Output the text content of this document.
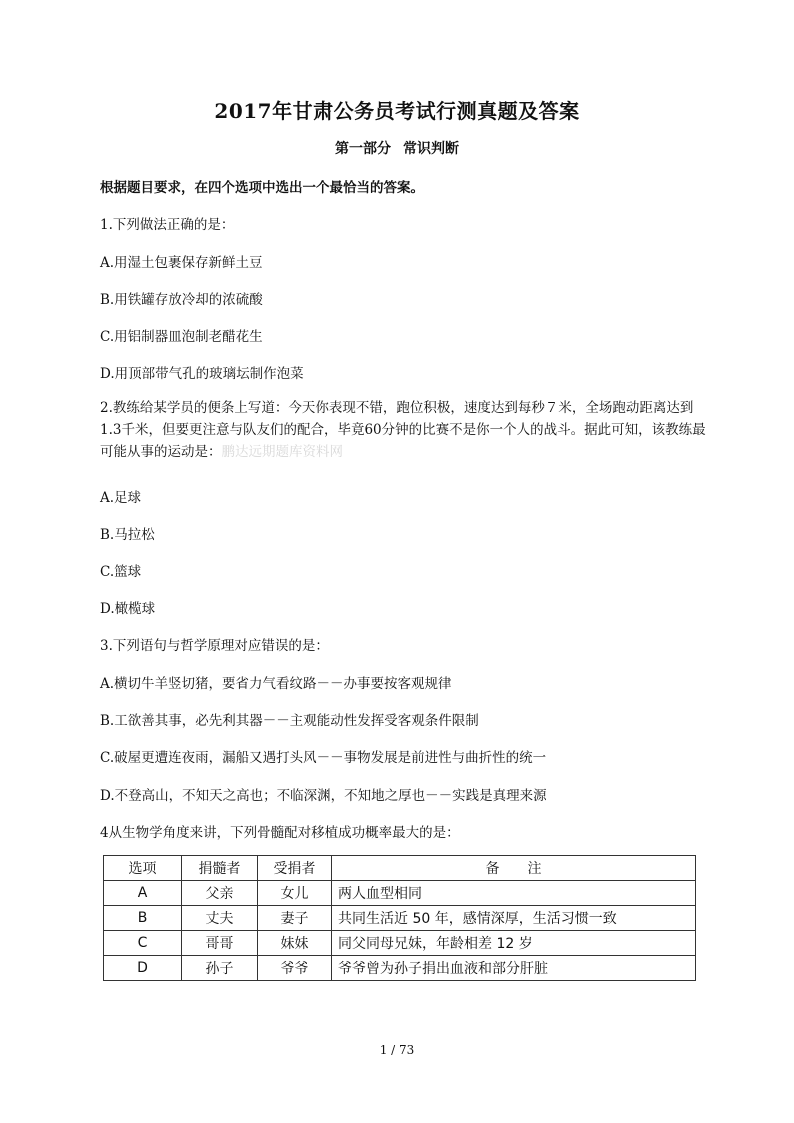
2017年甘肃公务员考试行测真题及答案
第一部分 常识判断
根据题目要求，在四个选项中选出一个最恰当的答案。
1.下列做法正确的是：
A.用湿土包裹保存新鲜土豆
B.用铁罐存放冷却的浓硫酸
C.用铝制器皿泡制老醋花生
D.用顶部带气孔的玻璃坛制作泡菜
2.教练给某学员的便条上写道：今天你表现不错，跑位积极，速度达到每秒７米，全场跑动距离达到1.3千米，但要更注意与队友们的配合，毕竟60分钟的比赛不是你一个人的战斗。据此可知，该教练最可能从事的运动是：鹏达远期题库资料网
A.足球
B.马拉松
C.篮球
D.橄榄球
3.下列语句与哲学原理对应错误的是：
A.横切牛羊竖切猪，要省力气看纹路－－办事要按客观规律
B.工欲善其事，必先利其器－－主观能动性发挥受客观条件限制
C.破屋更遭连夜雨，漏船又遇打头风－－事物发展是前进性与曲折性的统一
D.不登高山，不知天之高也；不临深渊，不知地之厚也－－实践是真理来源
4从生物学角度来讲，下列骨髓配对移植成功概率最大的是：
选项	捐髓者	受捐者	备　　注
A	父亲	女儿	两人血型相同
B	丈夫	妻子	共同生活近 50 年，感情深厚，生活习惯一致
C	哥哥	妹妹	同父同母兄妹，年龄相差 12 岁
D	孙子	爷爷	爷爷曾为孙子捐出血液和部分肝脏
1 / 73
